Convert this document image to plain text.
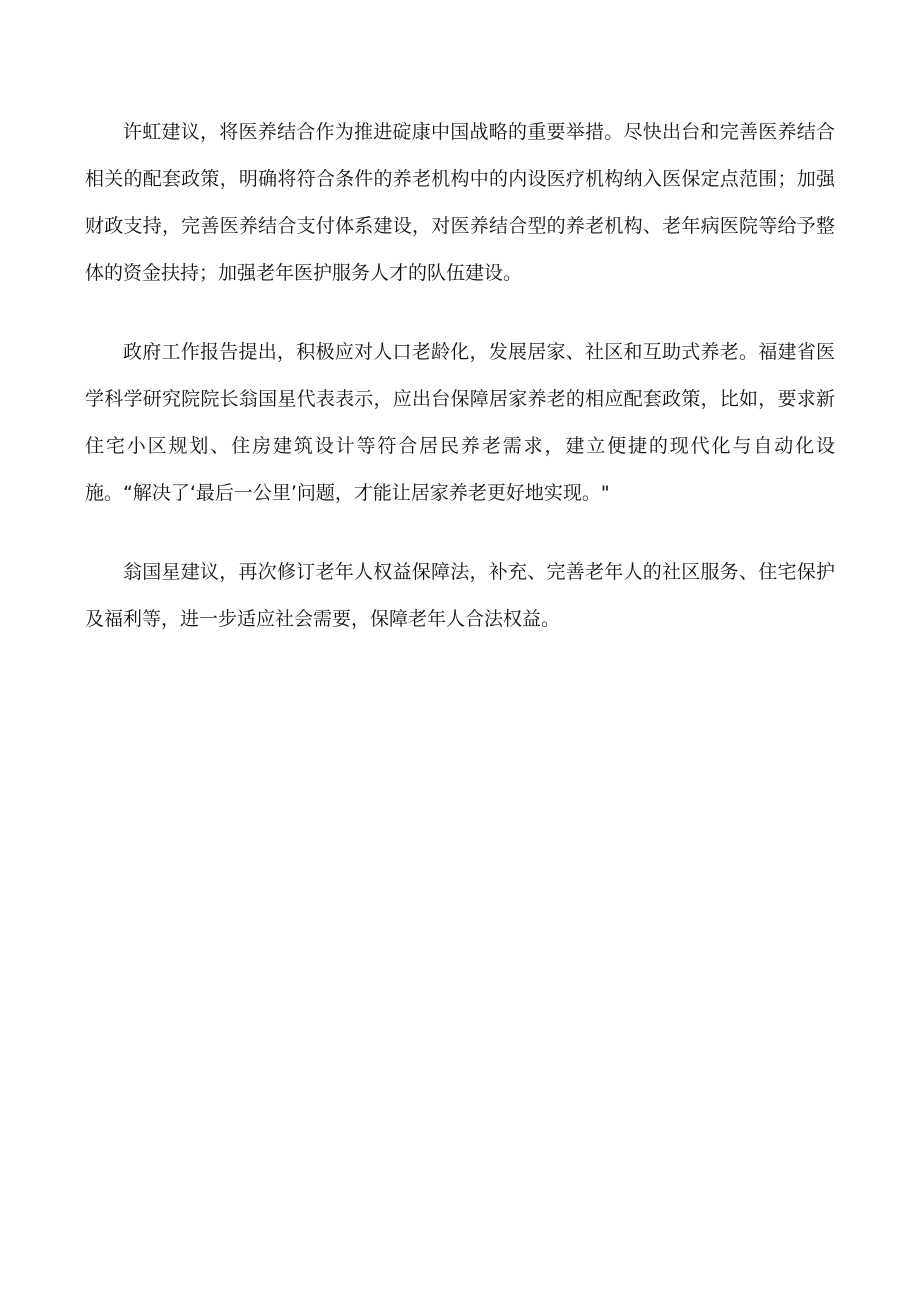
许虹建议，将医养结合作为推进碇康中国战略的重要举措。尽快出台和完善医养结合相关的配套政策，明确将符合条件的养老机构中的内设医疗机构纳入医保定点范围；加强财政支持，完善医养结合支付体系建设，对医养结合型的养老机构、老年病医院等给予整体的资金扶持；加强老年医护服务人才的队伍建设。

政府工作报告提出，积极应对人口老龄化，发展居家、社区和互助式养老。福建省医学科学研究院院长翁国星代表表示，应出台保障居家养老的相应配套政策，比如，要求新住宅小区规划、住房建筑设计等符合居民养老需求，建立便捷的现代化与自动化设施。“解决了‘最后一公里’问题，才能让居家养老更好地实现。"

翁国星建议，再次修订老年人权益保障法，补充、完善老年人的社区服务、住宅保护及福利等，进一步适应社会需要，保障老年人合法权益。
